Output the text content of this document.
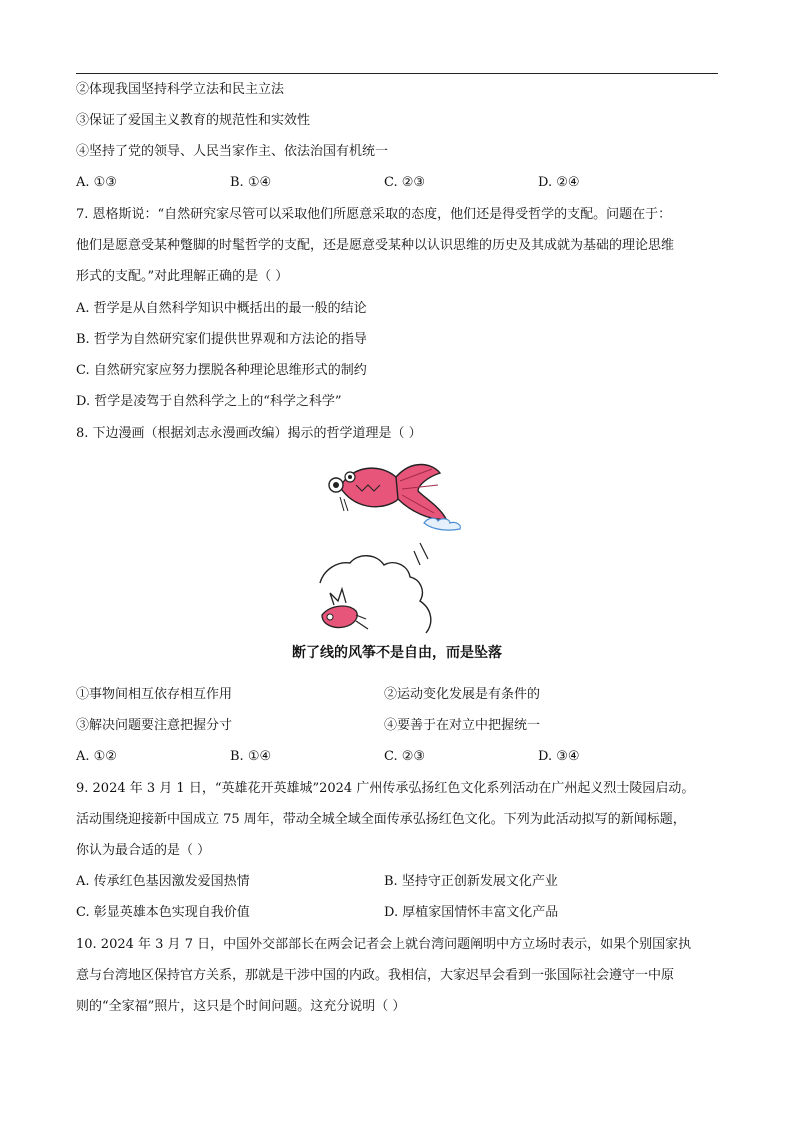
②体现我国坚持科学立法和民主立法
③保证了爱国主义教育的规范性和实效性
④坚持了党的领导、人民当家作主、依法治国有机统一
A. ①③	B. ①④	C. ②③	D. ②④
7. 恩格斯说：“自然研究家尽管可以采取他们所愿意采取的态度，他们还是得受哲学的支配。问题在于：
他们是愿意受某种蹩脚的时髦哲学的支配，还是愿意受某种以认识思维的历史及其成就为基础的理论思维
形式的支配。”对此理解正确的是（ ）
A. 哲学是从自然科学知识中概括出的最一般的结论
B. 哲学为自然研究家们提供世界观和方法论的指导
C. 自然研究家应努力摆脱各种理论思维形式的制约
D. 哲学是凌驾于自然科学之上的“科学之科学”
8. 下边漫画（根据刘志永漫画改编）揭示的哲学道理是（ ）
断了线的风筝不是自由，而是坠落
①事物间相互依存相互作用	②运动变化发展是有条件的
③解决问题要注意把握分寸	④要善于在对立中把握统一
A. ①②	B. ①④	C. ②③	D. ③④
9. 2024 年 3 月 1 日，“英雄花开英雄城”2024 广州传承弘扬红色文化系列活动在广州起义烈士陵园启动。
活动围绕迎接新中国成立 75 周年，带动全城全域全面传承弘扬红色文化。下列为此活动拟写的新闻标题，
你认为最合适的是（ ）
A. 传承红色基因激发爱国热情	B. 坚持守正创新发展文化产业
C. 彰显英雄本色实现自我价值	D. 厚植家国情怀丰富文化产品
10. 2024 年 3 月 7 日，中国外交部部长在两会记者会上就台湾问题阐明中方立场时表示，如果个别国家执
意与台湾地区保持官方关系，那就是干涉中国的内政。我相信，大家迟早会看到一张国际社会遵守一中原
则的“全家福”照片，这只是个时间问题。这充分说明（ ）
